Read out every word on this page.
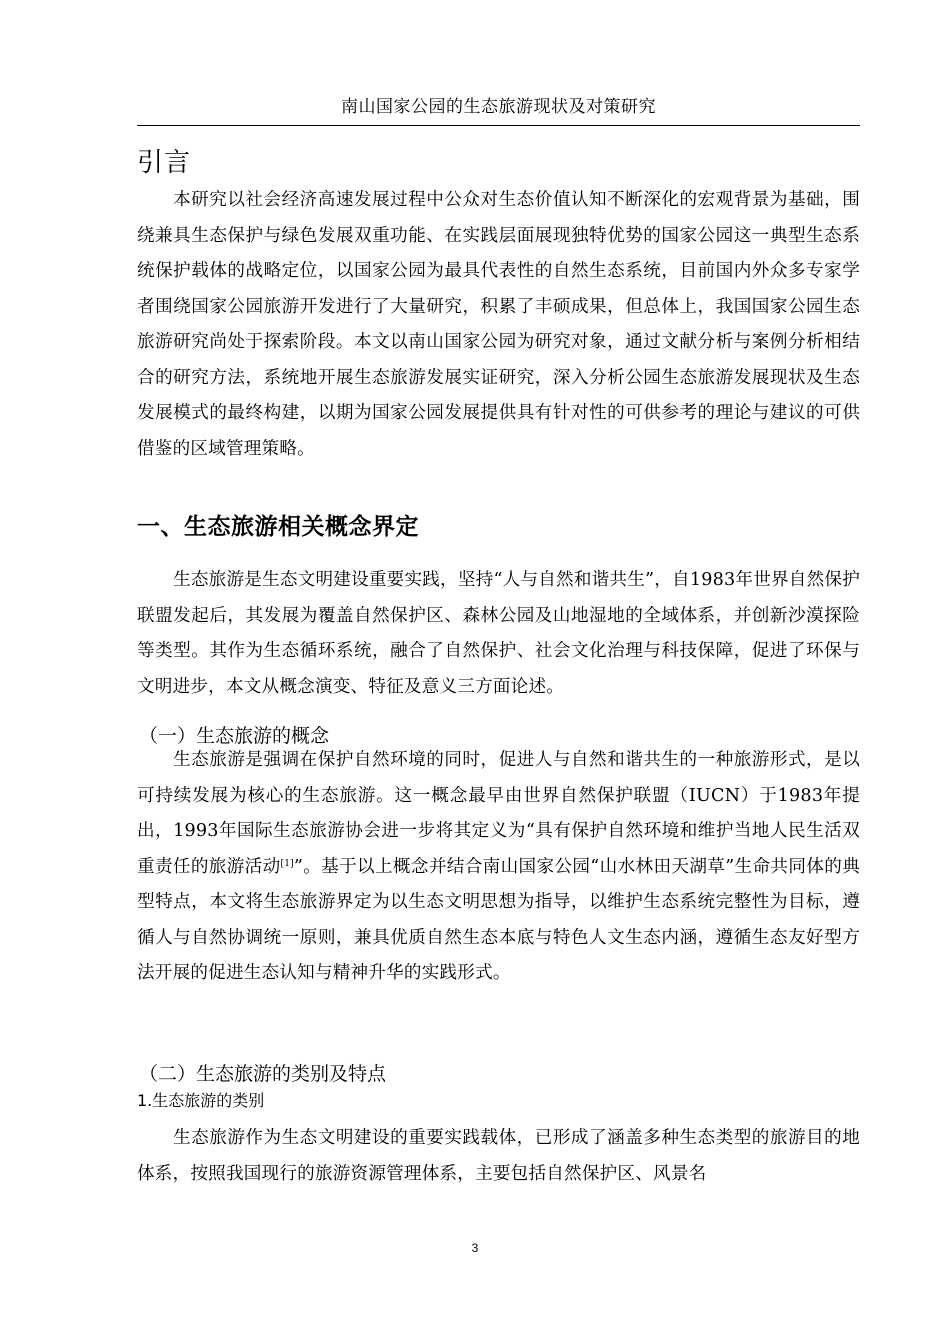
南山国家公园的生态旅游现状及对策研究
引言

本研究以社会经济高速发展过程中公众对生态价值认知不断深化的宏观背景为基础，围绕兼具生态保护与绿色发展双重功能、在实践层面展现独特优势的国家公园这一典型生态系统保护载体的战略定位，以国家公园为最具代表性的自然生态系统，目前国内外众多专家学者围绕国家公园旅游开发进行了大量研究，积累了丰硕成果，但总体上，我国国家公园生态旅游研究尚处于探索阶段。本文以南山国家公园为研究对象，通过文献分析与案例分析相结合的研究方法，系统地开展生态旅游发展实证研究，深入分析公园生态旅游发展现状及生态发展模式的最终构建，以期为国家公园发展提供具有针对性的可供参考的理论与建议的可供借鉴的区域管理策略。

一、生态旅游相关概念界定

生态旅游是生态文明建设重要实践，坚持“人与自然和谐共生”，自1983年世界自然保护联盟发起后，其发展为覆盖自然保护区、森林公园及山地湿地的全域体系，并创新沙漠探险等类型。其作为生态循环系统，融合了自然保护、社会文化治理与科技保障，促进了环保与文明进步，本文从概念演变、特征及意义三方面论述。

（一）生态旅游的概念

生态旅游是强调在保护自然环境的同时，促进人与自然和谐共生的一种旅游形式，是以可持续发展为核心的生态旅游。这一概念最早由世界自然保护联盟（IUCN）于1983年提出，1993年国际生态旅游协会进一步将其定义为“具有保护自然环境和维护当地人民生活双重责任的旅游活动[1]”。基于以上概念并结合南山国家公园“山水林田天湖草”生命共同体的典型特点，本文将生态旅游界定为以生态文明思想为指导，以维护生态系统完整性为目标，遵循人与自然协调统一原则，兼具优质自然生态本底与特色人文生态内涵，遵循生态友好型方法开展的促进生态认知与精神升华的实践形式。

（二）生态旅游的类别及特点
1.生态旅游的类别

生态旅游作为生态文明建设的重要实践载体，已形成了涵盖多种生态类型的旅游目的地体系，按照我国现行的旅游资源管理体系，主要包括自然保护区、风景名

3
